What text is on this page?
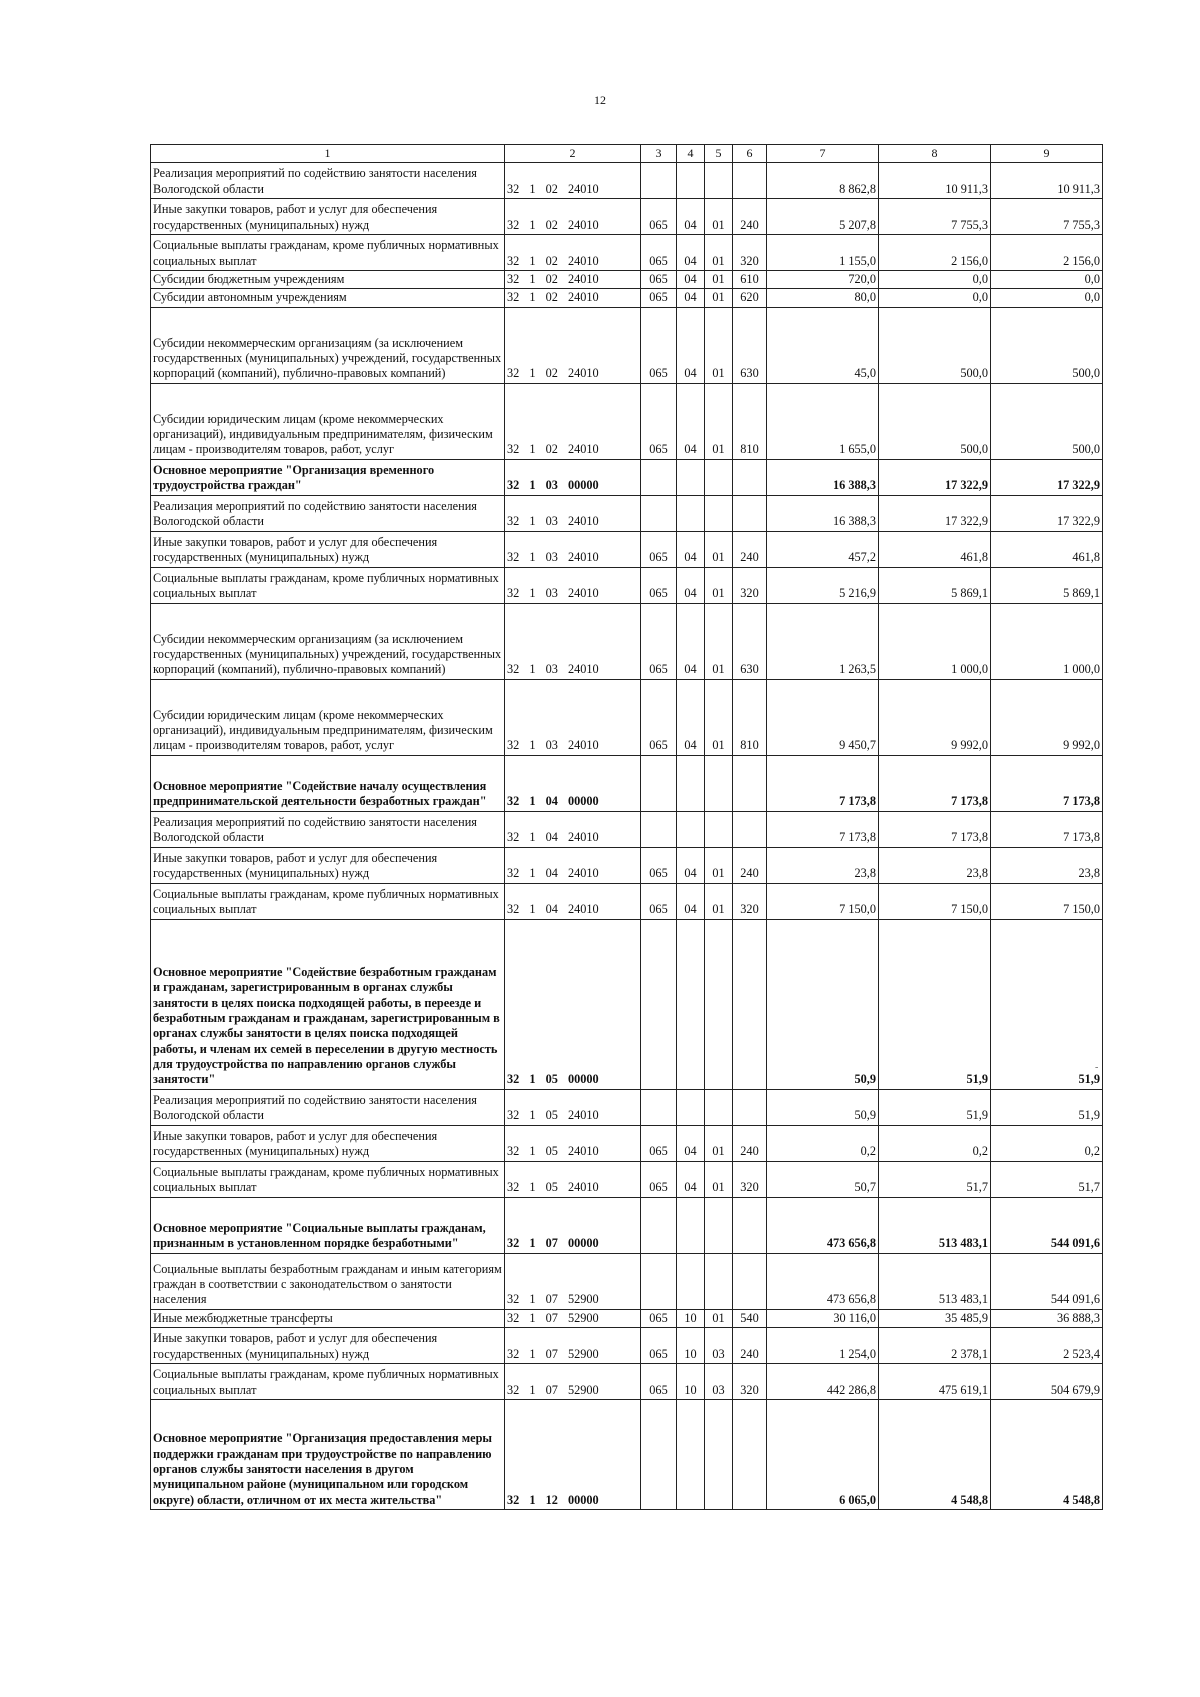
12
1	2	3	4	5	6	7	8	9
Реализация мероприятий по содействию занятости населения Вологодской области	32 1 02 24010					8 862,8	10 911,3	10 911,3
Иные закупки товаров, работ и услуг для обеспечения государственных (муниципальных) нужд	32 1 02 24010	065	04	01	240	5 207,8	7 755,3	7 755,3
Социальные выплаты гражданам, кроме публичных нормативных социальных выплат	32 1 02 24010	065	04	01	320	1 155,0	2 156,0	2 156,0
Субсидии бюджетным учреждениям	32 1 02 24010	065	04	01	610	720,0	0,0	0,0
Субсидии автономным учреждениям	32 1 02 24010	065	04	01	620	80,0	0,0	0,0
Субсидии некоммерческим организациям (за исключением государственных (муниципальных) учреждений, государственных корпораций (компаний), публично-правовых компаний)	32 1 02 24010	065	04	01	630	45,0	500,0	500,0
Субсидии юридическим лицам (кроме некоммерческих организаций), индивидуальным предпринимателям, физическим лицам - производителям товаров, работ, услуг	32 1 02 24010	065	04	01	810	1 655,0	500,0	500,0
Основное мероприятие "Организация временного трудоустройства граждан"	32 1 03 00000					16 388,3	17 322,9	17 322,9
Реализация мероприятий по содействию занятости населения Вологодской области	32 1 03 24010					16 388,3	17 322,9	17 322,9
Иные закупки товаров, работ и услуг для обеспечения государственных (муниципальных) нужд	32 1 03 24010	065	04	01	240	457,2	461,8	461,8
Социальные выплаты гражданам, кроме публичных нормативных социальных выплат	32 1 03 24010	065	04	01	320	5 216,9	5 869,1	5 869,1
Субсидии некоммерческим организациям (за исключением государственных (муниципальных) учреждений, государственных корпораций (компаний), публично-правовых компаний)	32 1 03 24010	065	04	01	630	1 263,5	1 000,0	1 000,0
Субсидии юридическим лицам (кроме некоммерческих организаций), индивидуальным предпринимателям, физическим лицам - производителям товаров, работ, услуг	32 1 03 24010	065	04	01	810	9 450,7	9 992,0	9 992,0
Основное мероприятие "Содействие началу осуществления предпринимательской деятельности безработных граждан"	32 1 04 00000					7 173,8	7 173,8	7 173,8
Реализация мероприятий по содействию занятости населения Вологодской области	32 1 04 24010					7 173,8	7 173,8	7 173,8
Иные закупки товаров, работ и услуг для обеспечения государственных (муниципальных) нужд	32 1 04 24010	065	04	01	240	23,8	23,8	23,8
Социальные выплаты гражданам, кроме публичных нормативных социальных выплат	32 1 04 24010	065	04	01	320	7 150,0	7 150,0	7 150,0
Основное мероприятие "Содействие безработным гражданам и гражданам, зарегистрированным в органах службы занятости в целях поиска подходящей работы, в переезде и безработным гражданам и гражданам, зарегистрированным в органах службы занятости в целях поиска подходящей работы, и членам их семей в переселении в другую местность для трудоустройства по направлению органов службы занятости"	32 1 05 00000					50,9	51,9	51,9
Реализация мероприятий по содействию занятости населения Вологодской области	32 1 05 24010					50,9	51,9	51,9
Иные закупки товаров, работ и услуг для обеспечения государственных (муниципальных) нужд	32 1 05 24010	065	04	01	240	0,2	0,2	0,2
Социальные выплаты гражданам, кроме публичных нормативных социальных выплат	32 1 05 24010	065	04	01	320	50,7	51,7	51,7
Основное мероприятие "Социальные выплаты гражданам, признанным в установленном порядке безработными"	32 1 07 00000					473 656,8	513 483,1	544 091,6
Социальные выплаты безработным гражданам и иным категориям граждан в соответствии с законодательством о занятости населения	32 1 07 52900					473 656,8	513 483,1	544 091,6
Иные межбюджетные трансферты	32 1 07 52900	065	10	01	540	30 116,0	35 485,9	36 888,3
Иные закупки товаров, работ и услуг для обеспечения государственных (муниципальных) нужд	32 1 07 52900	065	10	03	240	1 254,0	2 378,1	2 523,4
Социальные выплаты гражданам, кроме публичных нормативных социальных выплат	32 1 07 52900	065	10	03	320	442 286,8	475 619,1	504 679,9
Основное мероприятие "Организация предоставления меры поддержки гражданам при трудоустройстве по направлению органов службы занятости населения в другом муниципальном районе (муниципальном или городском округе) области, отличном от их места жительства"	32 1 12 00000					6 065,0	4 548,8	4 548,8
-
